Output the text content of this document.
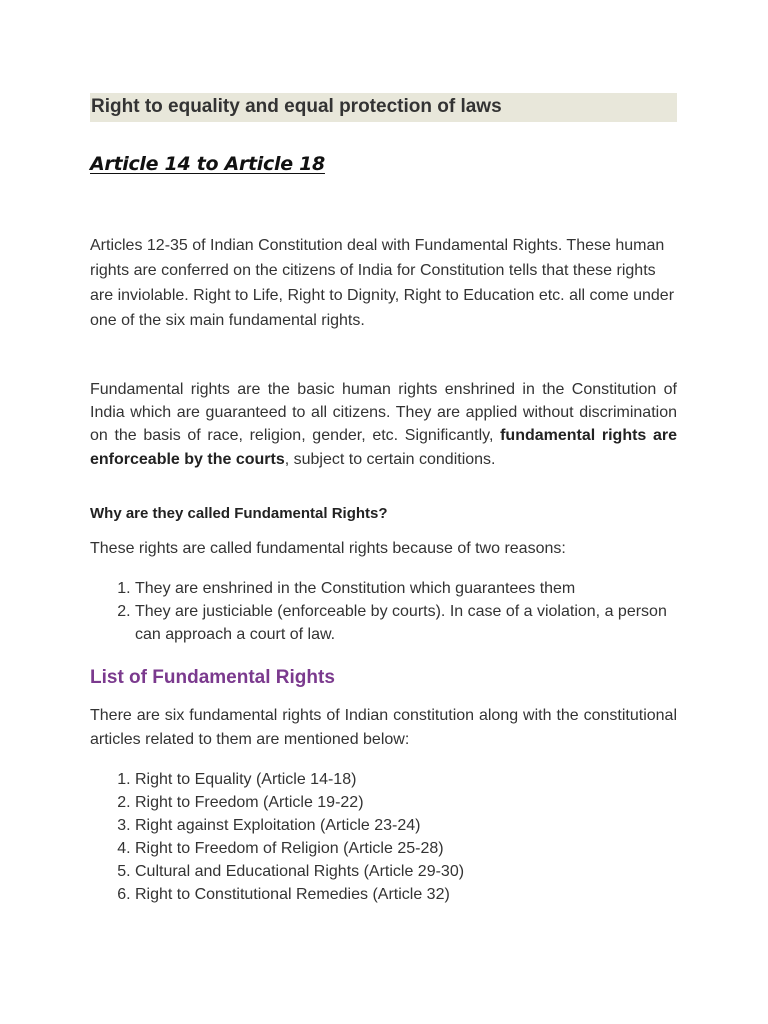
Right to equality and equal protection of laws
Article 14 to Article 18

Articles 12-35 of Indian Constitution deal with Fundamental Rights. These human rights are conferred on the citizens of India for Constitution tells that these rights are inviolable. Right to Life, Right to Dignity, Right to Education etc. all come under one of the six main fundamental rights.

Fundamental rights are the basic human rights enshrined in the Constitution of India which are guaranteed to all citizens. They are applied without discrimination on the basis of race, religion, gender, etc. Significantly, fundamental rights are enforceable by the courts, subject to certain conditions.

Why are they called Fundamental Rights?

These rights are called fundamental rights because of two reasons:

1. They are enshrined in the Constitution which guarantees them
2. They are justiciable (enforceable by courts). In case of a violation, a person can approach a court of law.
List of Fundamental Rights

There are six fundamental rights of Indian constitution along with the constitutional articles related to them are mentioned below:

1. Right to Equality (Article 14-18)
2. Right to Freedom (Article 19-22)
3. Right against Exploitation (Article 23-24)
4. Right to Freedom of Religion (Article 25-28)
5. Cultural and Educational Rights (Article 29-30)
6. Right to Constitutional Remedies (Article 32)
